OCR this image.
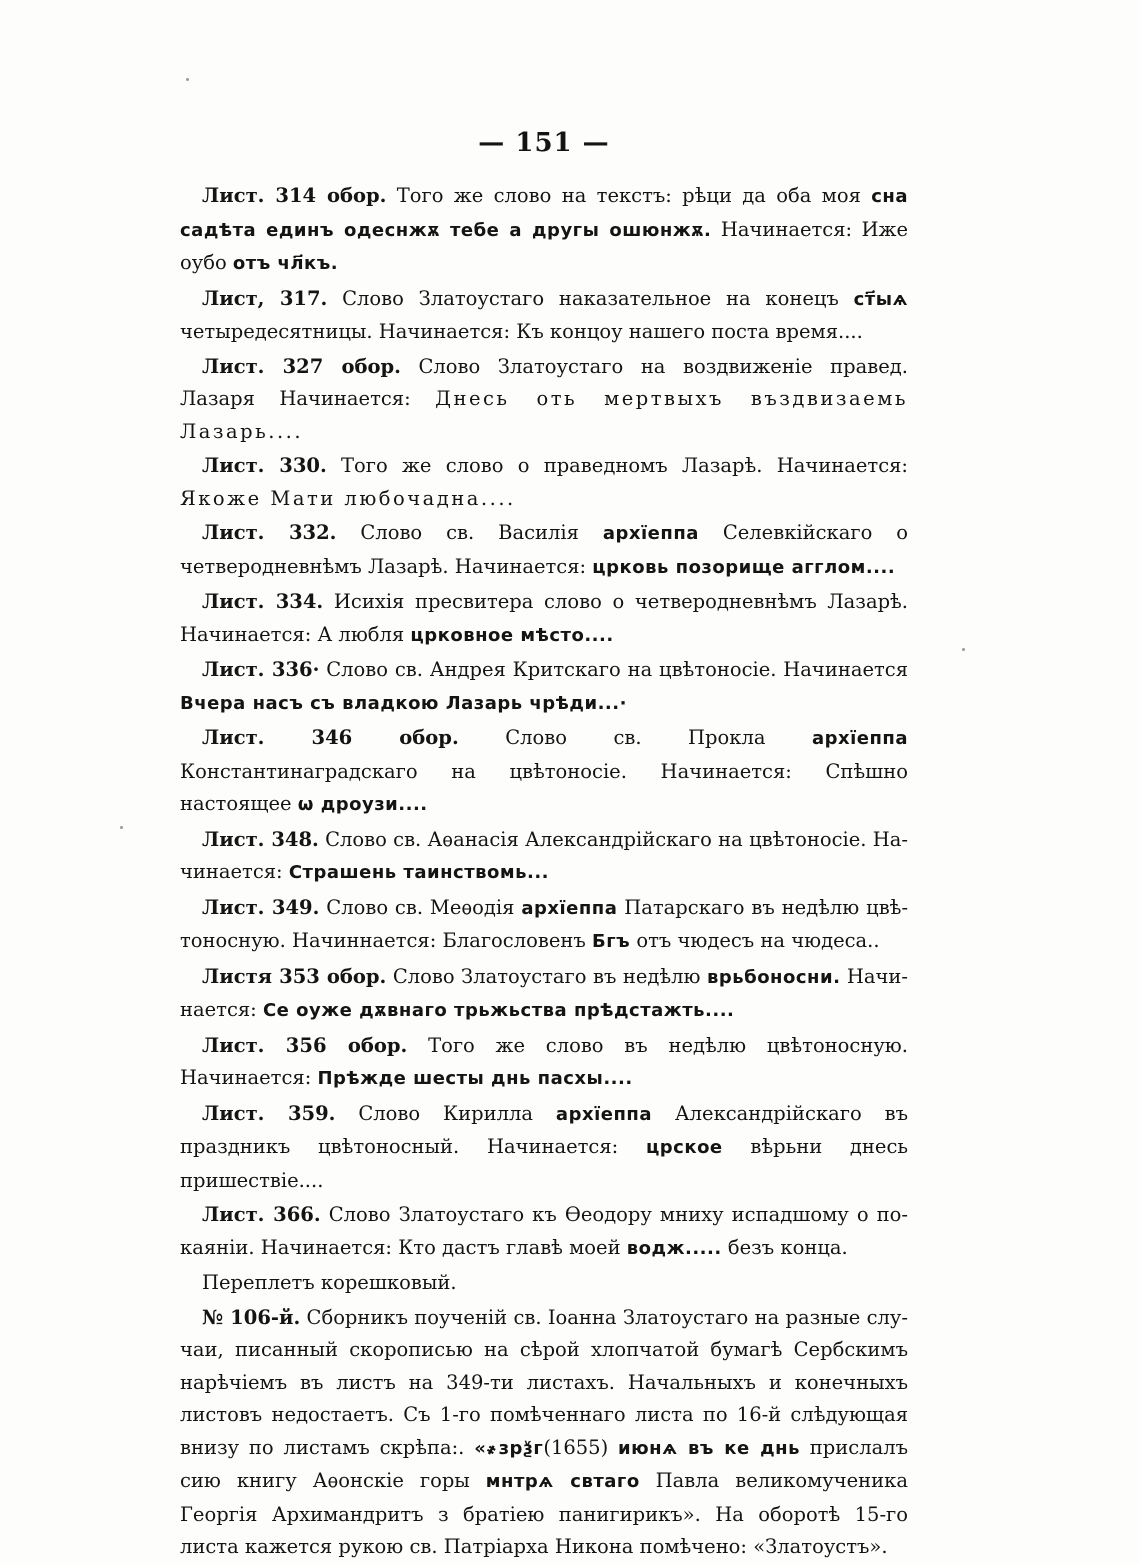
— 151 —

Лист. 314 обор. Того же слово на текстъ: рѣци да оба моя сна садѣта единъ одеснжѫ тебе а другы ошюнжѫ. Начинается: Иже оубо отъ чл҃къ.

Лист, 317. Слово Златоустаго наказательное на конецъ ст҃ыѧ четыредесятницы. Начинается: Къ концоу нашего поста время....

Лист. 327 обор. Слово Златоустаго на воздвиженіе правед. Лазаря Начинается: Днесь оть мертвыхъ въздвизаемь Лазарь....

Лист. 330. Того же слово о праведномъ Лазарѣ. Начинается: Якоже Мати любочадна....

Лист. 332. Слово св. Василія архїеппа Селевкійскаго о четверодневнѣмъ Лазарѣ. Начинается: црковь позорище агглом....

Лист. 334. Исихія пресвитера слово о четверодневнѣмъ Лазарѣ. Начинается: А любля црковное мѣсто....

Лист. 336· Слово св. Андрея Критскаго на цвѣтоносіе. Начинается Вчера насъ съ владкою Лазарь чрѣди...·

Лист. 346 обор. Слово св. Прокла архїеппа Константинаградскаго на цвѣтоносіе. Начинается: Спѣшно настоящее ѡ дроузи....

Лист. 348. Слово св. Аѳанасія Александрійскаго на цвѣтоносіе. Начинается: Страшень таинствомь...

Лист. 349. Слово св. Меѳодія архїеппа Патарскаго въ недѣлю цвѣтоносную. Начиннается: Благословенъ Бгъ отъ чюдесъ на чюдеса..

Листя 353 обор. Слово Златоустаго въ недѣлю врьбоносни. Начинается: Се оуже дѫвнаго трьжьства прѣдстажть....

Лист. 356 обор. Того же слово въ недѣлю цвѣтоносную. Начинается: Прѣжде шесты днь пасхы....

Лист. 359. Слово Кирилла архїеппа Александрійскаго въ праздникъ цвѣтоносный. Начинается: црское вѣрьни днесь пришествіе....

Лист. 366. Слово Златоустаго къ Ѳеодору мниху испадшому о покаяніи. Начинается: Кто дастъ главѣ моей водж..... безъ конца.

Переплетъ корешковый.

№ 106-й. Сборникъ поученій св. Іоанна Златоустаго на разные случаи, писанный скорописью на сѣрой хлопчатой бумагѣ Сербскимъ нарѣчіемъ въ листъ на 349-ти листахъ. Начальныхъ и конечныхъ листовъ недостаетъ. Съ 1-го помѣченнаго листа по 16-й слѣдующая внизу по листамъ скрѣпа:. «҂зрѯг(1655) июнѧ въ ке днь прислалъ сию книгу Аѳонскіе горы мнтрѧ свтаго Павла великомученика Георгія Архимандритъ з братіею панигирикъ». На оборотѣ 15-го листа кажется рукою св. Патріарха Никона помѣчено: «Златоустъ».
